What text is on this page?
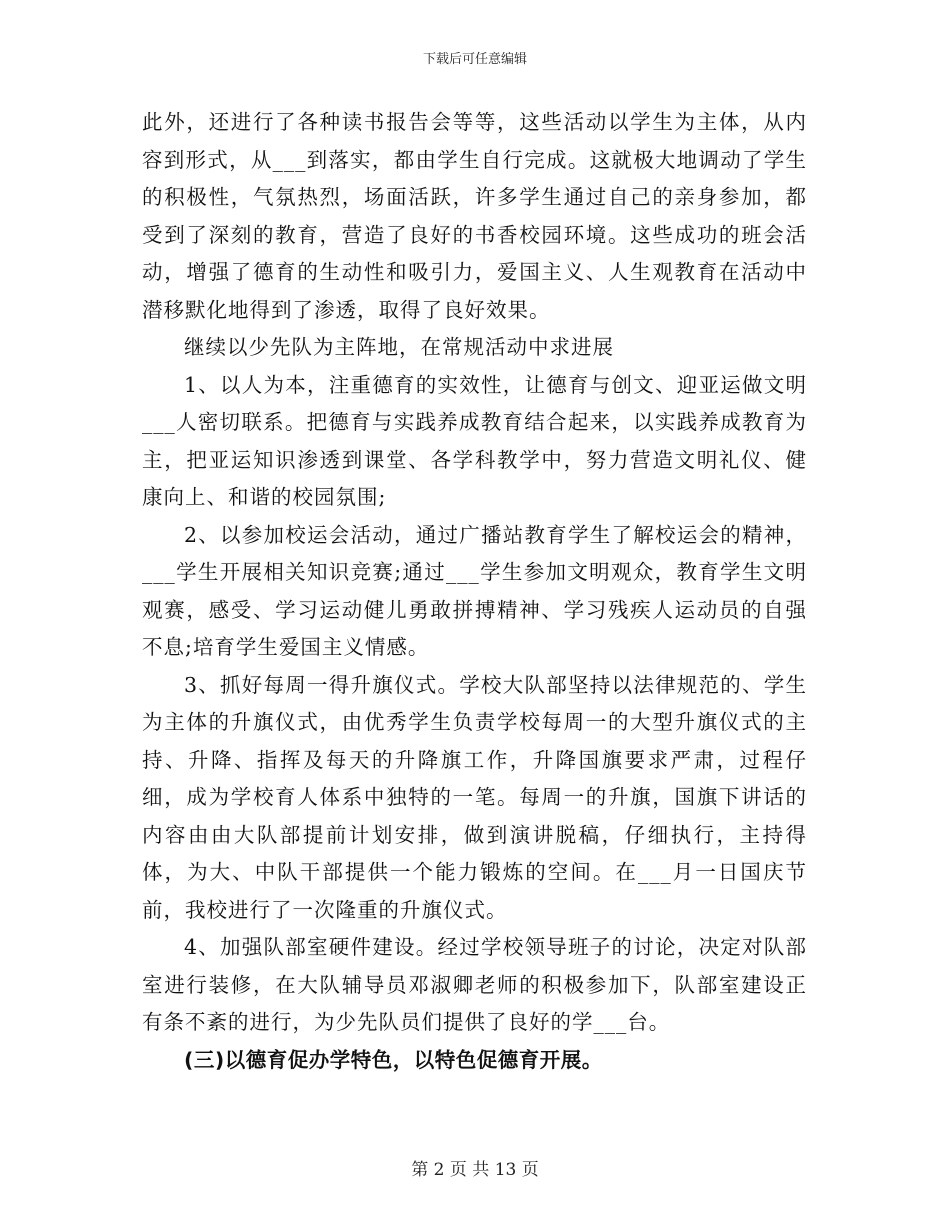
下载后可任意编辑

此外，还进行了各种读书报告会等等，这些活动以学生为主体，从内容到形式，从___到落实，都由学生自行完成。这就极大地调动了学生的积极性，气氛热烈，场面活跃，许多学生通过自己的亲身参加，都受到了深刻的教育，营造了良好的书香校园环境。这些成功的班会活动，增强了德育的生动性和吸引力，爱国主义、人生观教育在活动中潜移默化地得到了渗透，取得了良好效果。

继续以少先队为主阵地，在常规活动中求进展

1、以人为本，注重德育的实效性，让德育与创文、迎亚运做文明___人密切联系。把德育与实践养成教育结合起来，以实践养成教育为主，把亚运知识渗透到课堂、各学科教学中，努力营造文明礼仪、健康向上、和谐的校园氛围;

2、以参加校运会活动，通过广播站教育学生了解校运会的精神，___学生开展相关知识竞赛;通过___学生参加文明观众，教育学生文明观赛，感受、学习运动健儿勇敢拼搏精神、学习残疾人运动员的自强不息;培育学生爱国主义情感。

3、抓好每周一得升旗仪式。学校大队部坚持以法律规范的、学生为主体的升旗仪式，由优秀学生负责学校每周一的大型升旗仪式的主持、升降、指挥及每天的升降旗工作，升降国旗要求严肃，过程仔细，成为学校育人体系中独特的一笔。每周一的升旗，国旗下讲话的内容由由大队部提前计划安排，做到演讲脱稿，仔细执行，主持得体，为大、中队干部提供一个能力锻炼的空间。在___月一日国庆节前，我校进行了一次隆重的升旗仪式。

4、加强队部室硬件建设。经过学校领导班子的讨论，决定对队部室进行装修，在大队辅导员邓淑卿老师的积极参加下，队部室建设正有条不紊的进行，为少先队员们提供了良好的学___台。

(三)以德育促办学特色，以特色促德育开展。

第 2 页 共 13 页
